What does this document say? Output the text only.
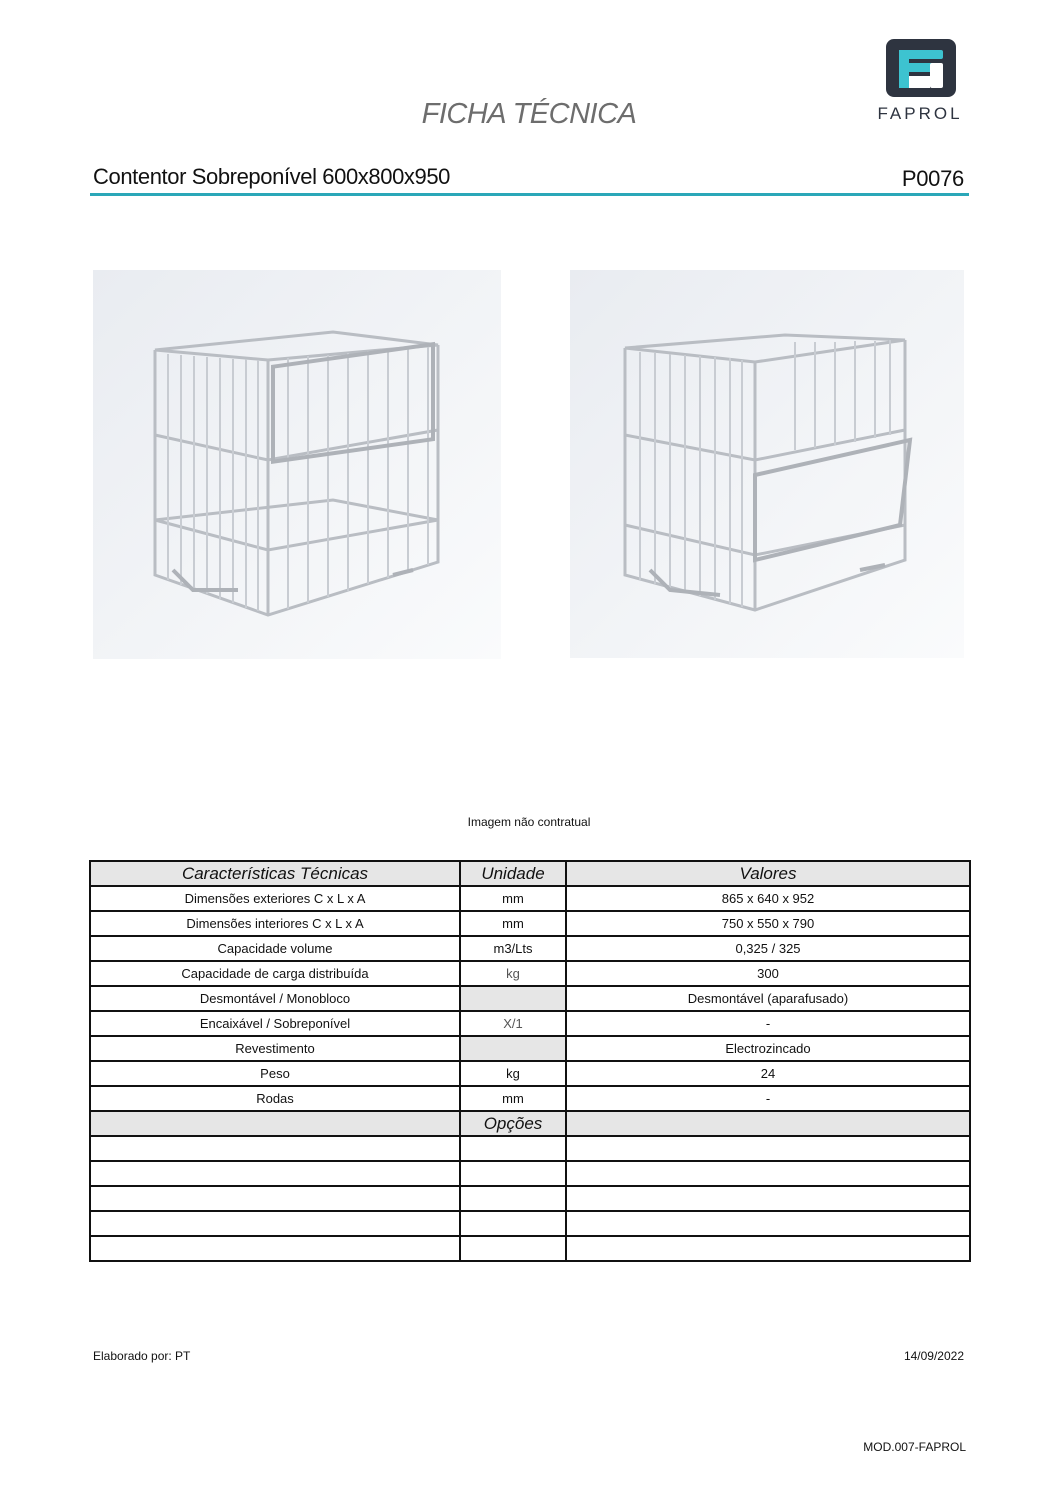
FICHA TÉCNICA	FAPROL
Contentor Sobreponível 600x800x950	P0076
Imagem não contratual
Características Técnicas	Unidade	Valores
Dimensões exteriores C x L x A	mm	865 x 640 x 952
Dimensões interiores C x L x A	mm	750 x 550 x 790
Capacidade volume	m3/Lts	0,325 / 325
Capacidade de carga distribuída	kg	300
Desmontável / Monobloco		Desmontável (aparafusado)
Encaixável / Sobreponível	X/1	-
Revestimento		Electrozincado
Peso	kg	24
Rodas	mm	-
	Opções	

Elaborado por: PT	14/09/2022
MOD.007-FAPROL
